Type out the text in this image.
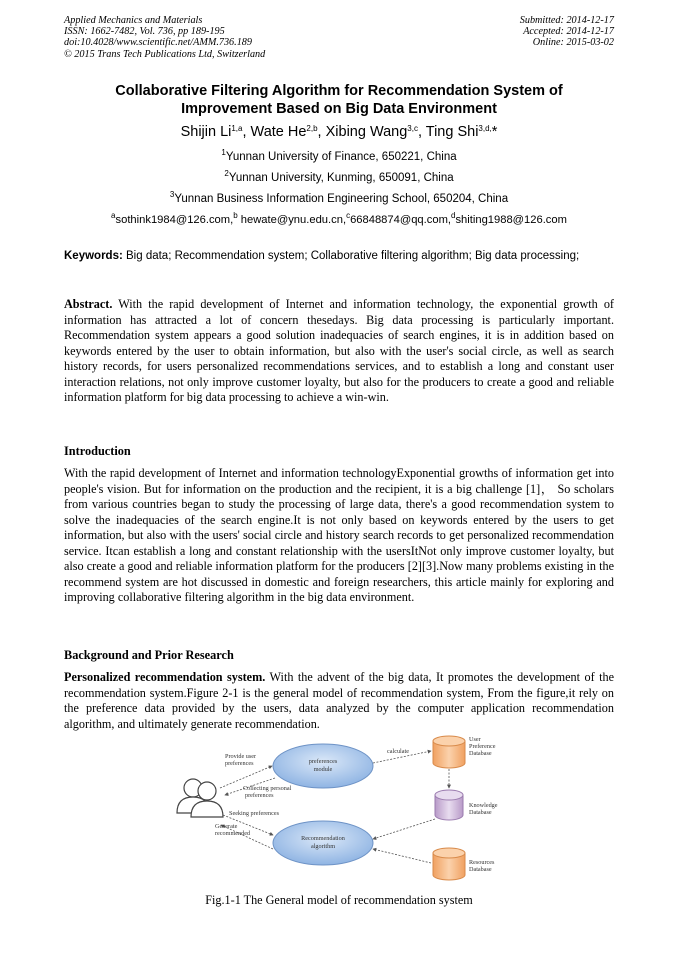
Applied Mechanics and Materials
ISSN: 1662-7482, Vol. 736, pp 189-195
doi:10.4028/www.scientific.net/AMM.736.189
© 2015 Trans Tech Publications Ltd, Switzerland
Submitted: 2014-12-17
Accepted: 2014-12-17
Online: 2015-03-02
Collaborative Filtering Algorithm for Recommendation System of
Improvement Based on Big Data Environment
Shijin Li$^{1,a}$, Wate He$^{2,b}$, Xibing Wang$^{3,c}$, Ting Shi$^{3,d,}$*
$^1$Yunnan University of Finance, 650221, China
$^2$Yunnan University, Kunming, 650091, China
$^3$Yunnan Business Information Engineering School, 650204, China
$^a$sothink1984@126.com,$^b$ hewate@ynu.edu.cn,$^c$66848874@qq.com,$^d$shiting1988@126.com
Keywords: Big data; Recommendation system; Collaborative filtering algorithm; Big data processing;
Abstract. With the rapid development of Internet and information technology, the exponential growth of information has attracted a lot of concern thesedays. Big data processing is particularly important. Recommendation system appears a good solution inadequacies of search engines, it is in addition based on keywords entered by the user to obtain information, but also with the user's social circle, as well as search history records, for users personalized recommendations services, and to establish a long and constant user interaction relations, not only improve customer loyalty, but also for the producers to create a good and reliable information platform for big data processing to achieve a win-win.
Introduction
With the rapid development of Internet and information technologyExponential growths of information get into people's vision. But for information on the production and the recipient, it is a big challenge [1]， So scholars from various countries began to study the processing of large data, there's a good recommendation system to solve the inadequacies of the search engine.It is not only based on keywords entered by the users to get information, but also with the users' social circle and history search records to get personalized recommendation service. Itcan establish a long and constant relationship with the usersItNot only improve customer loyalty, but also create a good and reliable information platform for the producers [2][3].Now many problems existing in the recommend system are hot discussed in domestic and foreign researchers, this article mainly for exploring and improving collaborative filtering algorithm in the big data environment.
Background and Prior Research
Personalized recommendation system. With the advent of the big data, It promotes the development of the recommendation system.Figure 2-1 is the general model of recommendation system, From the figure,it rely on the preference data provided by the users, data analyzed by the computer application recommendation algorithm, and ultimately generate recommendation.
preferences
module
Recommendation
algorithm
User
Preference
Database
Knowledge
Database
Resources
Database
Provide user
preferences
Collecting personal
preferences
Seeking preferences
Generate
recommended
calculate
Fig.1-1 The General model of recommendation system
